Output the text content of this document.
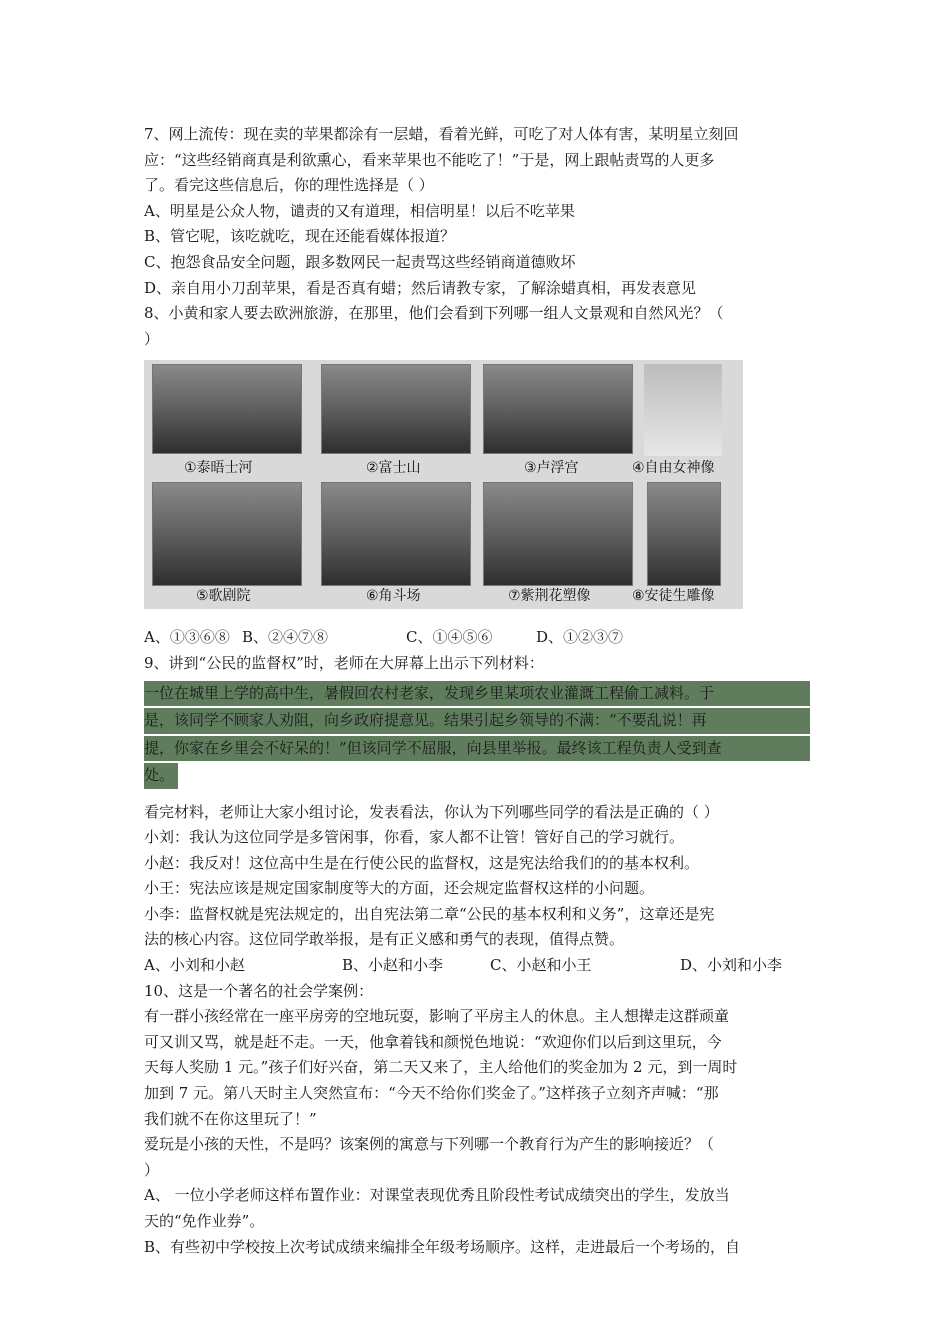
7、网上流传：现在卖的苹果都涂有一层蜡，看着光鲜，可吃了对人体有害，某明星立刻回
应：“这些经销商真是利欲熏心，看来苹果也不能吃了！”于是，网上跟帖责骂的人更多
了。看完这些信息后，你的理性选择是（ ）
A、明星是公众人物，谴责的又有道理，相信明星！以后不吃苹果
B、管它呢，该吃就吃，现在还能看媒体报道？
C、抱怨食品安全问题，跟多数网民一起责骂这些经销商道德败坏
D、亲自用小刀刮苹果，看是否真有蜡；然后请教专家，了解涂蜡真相，再发表意见
8、小黄和家人要去欧洲旅游，在那里，他们会看到下列哪一组人文景观和自然风光？（
）
①泰晤士河	②富士山	③卢浮宫	④自由女神像
⑤歌剧院	⑥角斗场	⑦紫荆花塑像	⑧安徒生雕像
A、①③⑥⑧ B、②④⑦⑧	C、①④⑤⑥	D、①②③⑦
9、讲到“公民的监督权”时，老师在大屏幕上出示下列材料：
一位在城里上学的高中生，暑假回农村老家，发现乡里某项农业灌溉工程偷工减料。于
是，该同学不顾家人劝阻，向乡政府提意见。结果引起乡领导的不满：“不要乱说！再
提，你家在乡里会不好呆的！”但该同学不屈服，向县里举报。最终该工程负责人受到查
处。
看完材料，老师让大家小组讨论，发表看法，你认为下列哪些同学的看法是正确的（ ）
小刘：我认为这位同学是多管闲事，你看，家人都不让管！管好自己的学习就行。
小赵：我反对！这位高中生是在行使公民的监督权，这是宪法给我们的的基本权利。
小王：宪法应该是规定国家制度等大的方面，还会规定监督权这样的小问题。
小李：监督权就是宪法规定的，出自宪法第二章“公民的基本权利和义务”，这章还是宪
法的核心内容。这位同学敢举报，是有正义感和勇气的表现，值得点赞。
A、小刘和小赵	B、小赵和小李	C、小赵和小王	D、小刘和小李
10、这是一个著名的社会学案例：
有一群小孩经常在一座平房旁的空地玩耍，影响了平房主人的休息。主人想撵走这群顽童
可又训又骂，就是赶不走。一天，他拿着钱和颜悦色地说：“欢迎你们以后到这里玩，今
天每人奖励 1 元。”孩子们好兴奋，第二天又来了，主人给他们的奖金加为 2 元，到一周时
加到 7 元。第八天时主人突然宣布：“今天不给你们奖金了。”这样孩子立刻齐声喊：“那
我们就不在你这里玩了！”
爱玩是小孩的天性，不是吗？该案例的寓意与下列哪一个教育行为产生的影响接近？（
）
A、 一位小学老师这样布置作业：对课堂表现优秀且阶段性考试成绩突出的学生，发放当
天的“免作业券”。
B、有些初中学校按上次考试成绩来编排全年级考场顺序。这样，走进最后一个考场的，自
